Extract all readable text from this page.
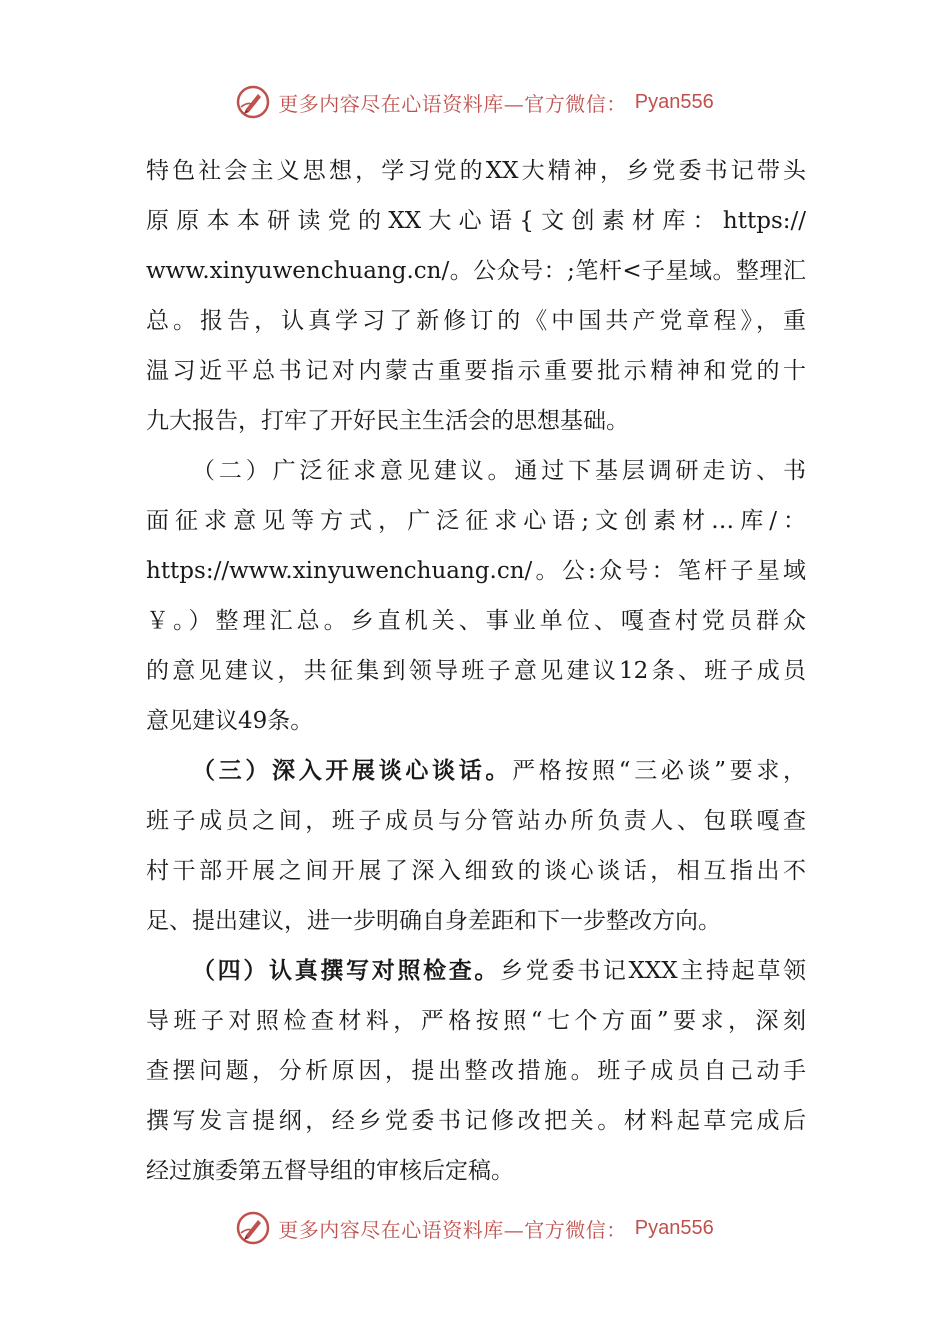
更多内容尽在心语资料库—官方微信： Pyan556
特色社会主义思想，学习党的XX大精神，乡党委书记带头
原原本本研读党的XX大心语{文创素材库：https://
www.xinyuwenchuang.cn/。公众号：;笔杆<子星域。整理汇
总。报告，认真学习了新修订的《中国共产党章程》，重
温习近平总书记对内蒙古重要指示重要批示精神和党的十
九大报告，打牢了开好民主生活会的思想基础。
（二）广泛征求意见建议。通过下基层调研走访、书
面征求意见等方式，广泛征求心语;文创素材…库/：
https://www.xinyuwenchuang.cn/。公:众号：笔杆子星域
￥。）整理汇总。乡直机关、事业单位、嘎查村党员群众
的意见建议，共征集到领导班子意见建议12条、班子成员
意见建议49条。
（三）深入开展谈心谈话。严格按照“三必谈”要求，
班子成员之间，班子成员与分管站办所负责人、包联嘎查
村干部开展之间开展了深入细致的谈心谈话，相互指出不
足、提出建议，进一步明确自身差距和下一步整改方向。
（四）认真撰写对照检查。乡党委书记XXX主持起草领
导班子对照检查材料，严格按照“七个方面”要求，深刻
查摆问题，分析原因，提出整改措施。班子成员自己动手
撰写发言提纲，经乡党委书记修改把关。材料起草完成后
经过旗委第五督导组的审核后定稿。
更多内容尽在心语资料库—官方微信： Pyan556
